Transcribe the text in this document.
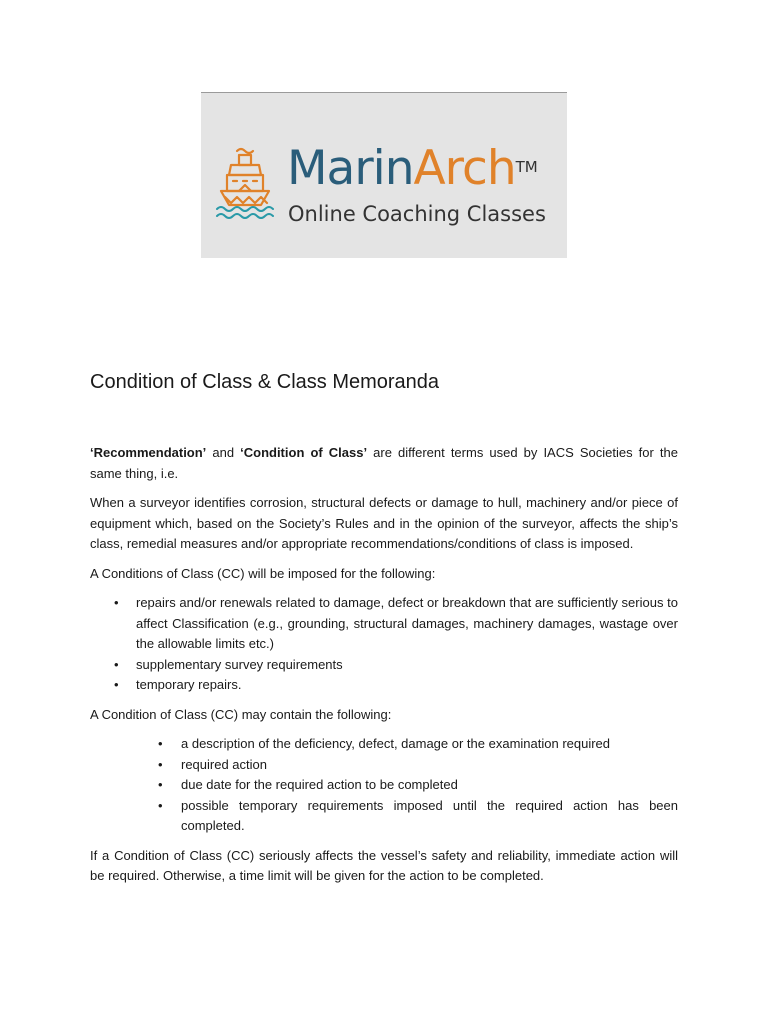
MarinArch™
Online Coaching Classes
Condition of Class & Class Memoranda

‘Recommendation’ and ‘Condition of Class’ are different terms used by IACS Societies for the same thing, i.e.

When a surveyor identifies corrosion, structural defects or damage to hull, machinery and/or piece of equipment which, based on the Society’s Rules and in the opinion of the surveyor, affects the ship’s class, remedial measures and/or appropriate recommendations/conditions of class is imposed.

A Conditions of Class (CC) will be imposed for the following:

• repairs and/or renewals related to damage, defect or breakdown that are sufficiently serious to affect Classification (e.g., grounding, structural damages, machinery damages, wastage over the allowable limits etc.)
• supplementary survey requirements
• temporary repairs.

A Condition of Class (CC) may contain the following:

• a description of the deficiency, defect, damage or the examination required
• required action
• due date for the required action to be completed
• possible temporary requirements imposed until the required action has been completed.

If a Condition of Class (CC) seriously affects the vessel’s safety and reliability, immediate action will be required. Otherwise, a time limit will be given for the action to be completed.
